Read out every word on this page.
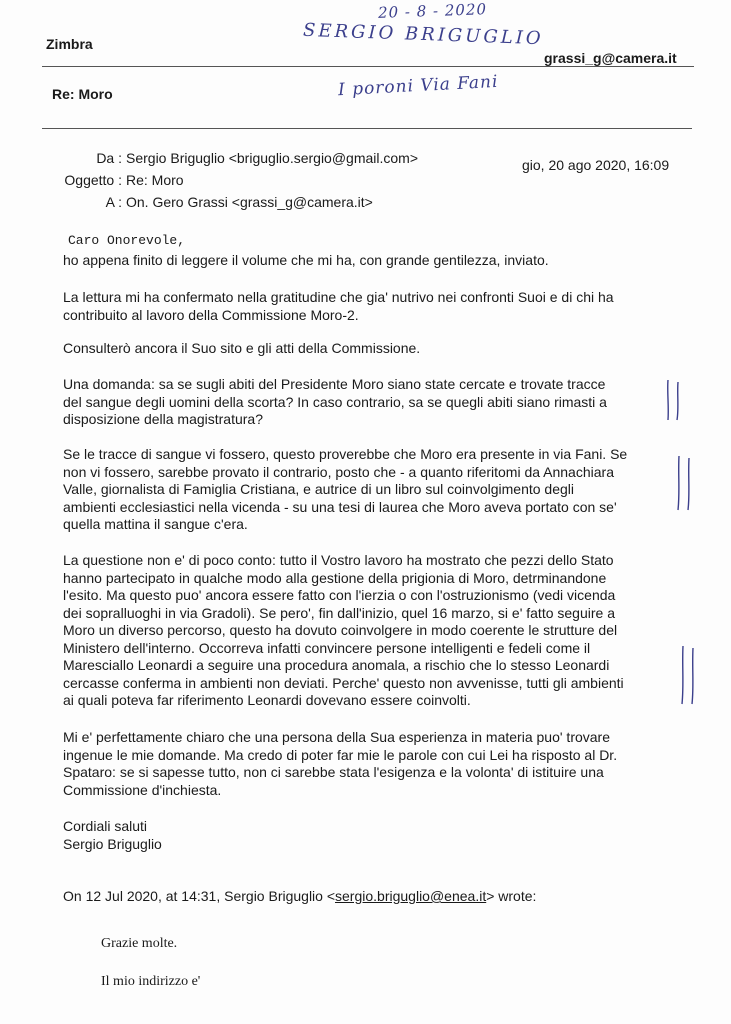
Zimbra
grassi_g@camera.it
Re: Moro
20 - 8 - 2020
SERGIO BRIGUGLIO
I poroni Via Fani
Da : Sergio Briguglio <briguglio.sergio@gmail.com>	gio, 20 ago 2020, 16:09
Oggetto : Re: Moro
A : On. Gero Grassi <grassi_g@camera.it>
Caro Onorevole,
ho appena finito di leggere il volume che mi ha, con grande gentilezza, inviato.
La lettura mi ha confermato nella gratitudine che gia' nutrivo nei confronti Suoi e di chi ha
contribuito al lavoro della Commissione Moro-2.
Consulterò ancora il Suo sito e gli atti della Commissione.
Una domanda: sa se sugli abiti del Presidente Moro siano state cercate e trovate tracce
del sangue degli uomini della scorta? In caso contrario, sa se quegli abiti siano rimasti a
disposizione della magistratura?
Se le tracce di sangue vi fossero, questo proverebbe che Moro era presente in via Fani. Se
non vi fossero, sarebbe provato il contrario, posto che - a quanto riferitomi da Annachiara
Valle, giornalista di Famiglia Cristiana, e autrice di un libro sul coinvolgimento degli
ambienti ecclesiastici nella vicenda - su una tesi di laurea che Moro aveva portato con se'
quella mattina il sangue c'era.
La questione non e' di poco conto: tutto il Vostro lavoro ha mostrato che pezzi dello Stato
hanno partecipato in qualche modo alla gestione della prigionia di Moro, detrminandone
l'esito. Ma questo puo' ancora essere fatto con l'ierzia o con l'ostruzionismo (vedi vicenda
dei sopralluoghi in via Gradoli). Se pero', fin dall'inizio, quel 16 marzo, si e' fatto seguire a
Moro un diverso percorso, questo ha dovuto coinvolgere in modo coerente le strutture del
Ministero dell'interno. Occorreva infatti convincere persone intelligenti e fedeli come il
Maresciallo Leonardi a seguire una procedura anomala, a rischio che lo stesso Leonardi
cercasse conferma in ambienti non deviati. Perche' questo non avvenisse, tutti gli ambienti
ai quali poteva far riferimento Leonardi dovevano essere coinvolti.
Mi e' perfettamente chiaro che una persona della Sua esperienza in materia puo' trovare
ingenue le mie domande. Ma credo di poter far mie le parole con cui Lei ha risposto al Dr.
Spataro: se si sapesse tutto, non ci sarebbe stata l'esigenza e la volonta' di istituire una
Commissione d'inchiesta.
Cordiali saluti
Sergio Briguglio
On 12 Jul 2020, at 14:31, Sergio Briguglio <sergio.briguglio@enea.it> wrote:
Grazie molte.
Il mio indirizzo e'
